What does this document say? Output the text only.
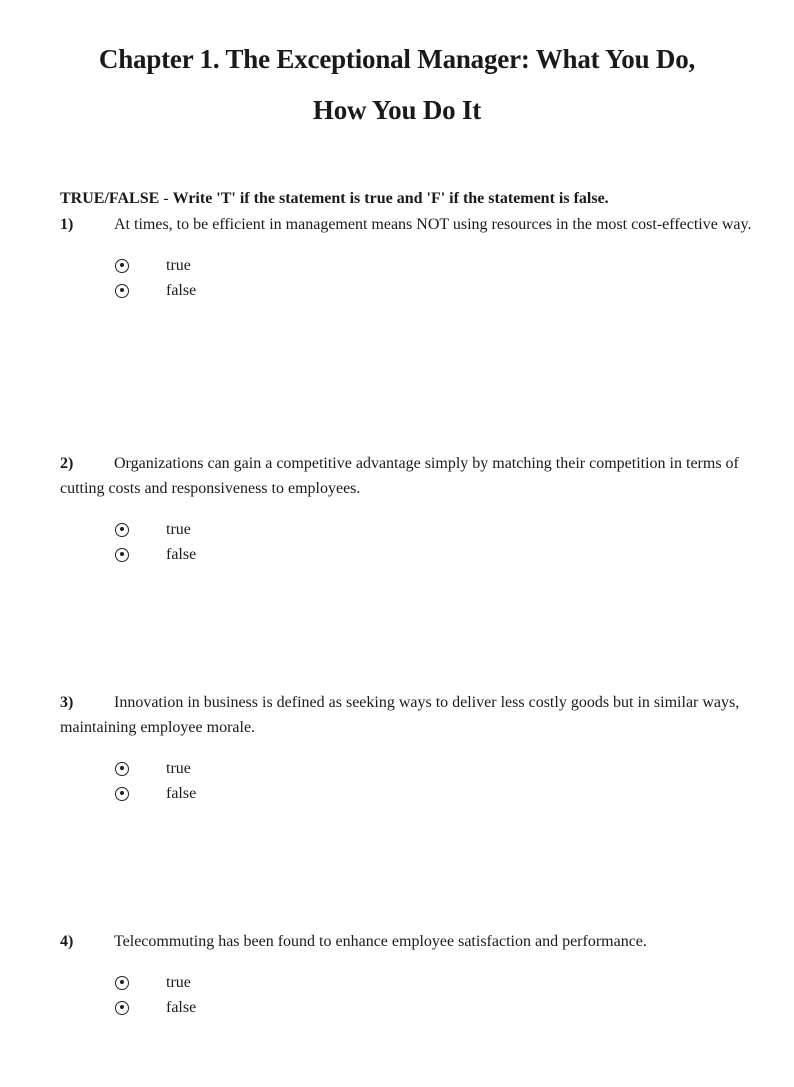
Chapter 1. The Exceptional Manager: What You Do,
How You Do It

TRUE/FALSE - Write 'T' if the statement is true and 'F' if the statement is false.

1)	At times, to be efficient in management means NOT using resources in the most cost-effective way.

true
false

2)	Organizations can gain a competitive advantage simply by matching their competition in terms of cutting costs and responsiveness to employees.

true
false

3)	Innovation in business is defined as seeking ways to deliver less costly goods but in similar ways, maintaining employee morale.

true
false

4)	Telecommuting has been found to enhance employee satisfaction and performance.

true
false
